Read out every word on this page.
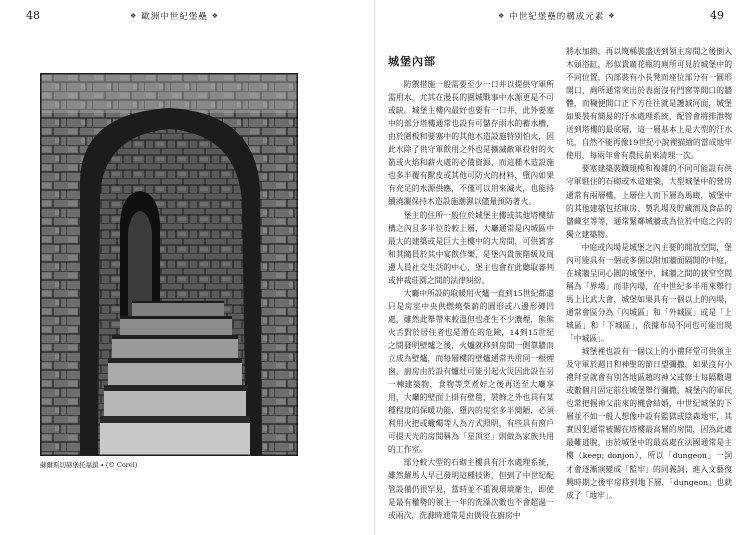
48	❖ 歐洲中世紀堡壘 ❖
蘇爾斯切赫堡托福鎖 ∙ (© Corel)
❖ 中世紀堡壘的構成元素 ❖	49
城堡內部

防禦措施一般需要至少一口井以提供守軍所需用水，尤其在漫長的圍城戰事中水源更是不可或缺。城堡主樓內最好也要有一口井，此外要塞中的部分塔樓通常也設有可儲存雨水的蓄水槽，由於圍板和要塞中的其他木造設施特別怕火，因此水除了供守軍飲用之外也是擴滅敵軍投射的火箭或火焰和薪火處的必備資源，而這種木造設施也多半覆有獸皮或其他可防火的材料，墮內如果有充足的水源供應，不僅可以用來滅火，也能持續澆灑保持木造設施潮濕以儘量預防著火。

堡主的住所一般位於城堡主樓或其他塔樓結構之內且多半位於較上層，大廳通常是內城區中最大的建築或是巨大主樓中的大房間，可供賓客和其隨員於其中宴飲作樂，是堡內貴族階級及周邊人員社交生活的中心，堡主也會在此聽取審判或仲裁莊園之間的法律糾紛。

大廳中所設的取暖用火爐一直到15世紀都還只是房室中央供燃燒柴薪的圓形或八邊形磚凹處，雖然此舉帶來較溫但也產生不少濃煙，熊熊火舌對於居住者也是潛在的危險，14到15世紀之間發明壁爐之後，火爐就移到房間一側靠牆而立成為壁爐，而每層樓的壁爐通常共用同一根煙囪，廚房由於設有爐灶可能引起火災因此設在另一棟建築物，食物等烹煮好之後再送至大廳享用，大廳的壁面上掛有壁毯，裝飾之外也具有某種程度的保暖功能，墮內的房室多半簡陋，必須利用火把或蠟燭等人為方式照明，有些具有窗戶可提天光的房間稱為「星頂室」則做為家族共用的工作室。

部分較大型的石砌主樓具有汙水處理系統，雖然羅馬人早已發明這種技術，但到了中世紀配管設備仍很罕見，當時並不重視環境衛生，即使是最有權勢的領主一年的洗澡次數也不會超過一或兩次，洗滌時通常是由僕役在廚房中

將水加熱，再以篾桶裝盛送到領主房間之後倒入木頭浴缸，形似貴廣花瓶的廁所可見於城堡中的不同位置，內部裝有小長凳而座位部分有一圓形開口，廁所通常突出於表面沒有門窗等開口的牆體，而穢便開口正下方往往就是護城河面，城堡如果裝有簡易的汙水處理系統，配管會將排泄物送到塔樓的最底層，這一層基本上是大型的汙水坑，自然不能再像19世紀小說裡描繪的當成地牢使用，每兩年會有農民前來清理一次。

要塞建築裝鐵規模和複雜的不同可能設有供守軍駐住的石砌或木造建築，大型城堡中的營房通常有兩層樓，上層住人而下層為馬廄，城堡中的其他建築包括庫房、製乳場及貯藏酒及食品的儲藏室等等，通常緊鄰城牆或為位於中庭之內的獨立建築物。

中庭或內場是城堡之內主要的開放空間，堡內可能具有一個或多個以附加牆面隔開的中庭，在城牆呈同心圓的城堡中，城牆之間的狹窄空間稱為「界場」而非內場，在中世紀多半用來舉行馬上比武大會，城堡如果具有一個以上的內場，通常會區分為「內城區」和「外城區」或是「上城區」和「下城區」，依據布局不同也可能出現「中城區」。

城堡裡也設有一個以上的小禮拜堂可供領主及守軍於週日和神聖的節日望彌撒，如果沒有小禮拜堂就會有別各地區趙的神父或修士每隔數週或數個月固定前往城堡舉行彌撒，城堡內的軍民也常把握神父前來的機會結婚，中世紀城堡的下層並不如一般人想像中設有監獄或陰森地牢，其實因犯通常被關在塔樓最高層的房間，因為此處最難逃脫，由於城堡中的最高處在法國通常是主樓（keep; donjon），所以「dungeon」一詞才會逐漸演變成「監牢」的同義詞；進入文藝復興時期之後牢房移到地下層，「dungeon」也就成了「地牢」。
